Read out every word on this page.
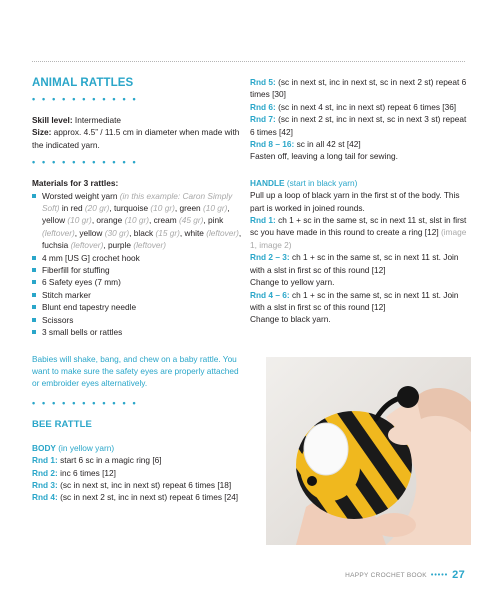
ANIMAL RATTLES
• • • • • • • • • • •
Skill level: Intermediate
Size: approx. 4.5” / 11.5 cm in diameter when made with the indicated yarn.
• • • • • • • • • • •
Materials for 3 rattles:
Worsted weight yarn (in this example: Caron Simply Soft) in red (20 gr), turquoise (10 gr), green (10 gr), yellow (10 gr), orange (10 gr), cream (45 gr), pink (leftover), yellow (30 gr), black (15 gr), white (leftover), fuchsia (leftover), purple (leftover)
4 mm [US G] crochet hook
Fiberfill for stuffing
6 Safety eyes (7 mm)
Stitch marker
Blunt end tapestry needle
Scissors
3 small bells or rattles
Babies will shake, bang, and chew on a baby rattle. You want to make sure the safety eyes are properly attached or embroider eyes alternatively.
• • • • • • • • • • •
BEE RATTLE
BODY (in yellow yarn)
Rnd 1: start 6 sc in a magic ring [6]
Rnd 2: inc 6 times [12]
Rnd 3: (sc in next st, inc in next st) repeat 6 times [18]
Rnd 4: (sc in next 2 st, inc in next st) repeat 6 times [24]
Rnd 5: (sc in next st, inc in next st, sc in next 2 st) repeat 6 times [30]
Rnd 6: (sc in next 4 st, inc in next st) repeat 6 times [36]
Rnd 7: (sc in next 2 st, inc in next st, sc in next 3 st) repeat 6 times [42]
Rnd 8 – 16: sc in all 42 st [42]
Fasten off, leaving a long tail for sewing.
HANDLE (start in black yarn)
Pull up a loop of black yarn in the first st of the body. This part is worked in joined rounds.
Rnd 1: ch 1 + sc in the same st, sc in next 11 st, slst in first sc you have made in this round to create a ring [12] (image 1, image 2)
Rnd 2 – 3: ch 1 + sc in the same st, sc in next 11 st. Join with a slst in first sc of this round [12]
Change to yellow yarn.
Rnd 4 – 6: ch 1 + sc in the same st, sc in next 11 st. Join with a slst in first sc of this round [12]
Change to black yarn.
HAPPY CROCHET BOOK ••••• 27
